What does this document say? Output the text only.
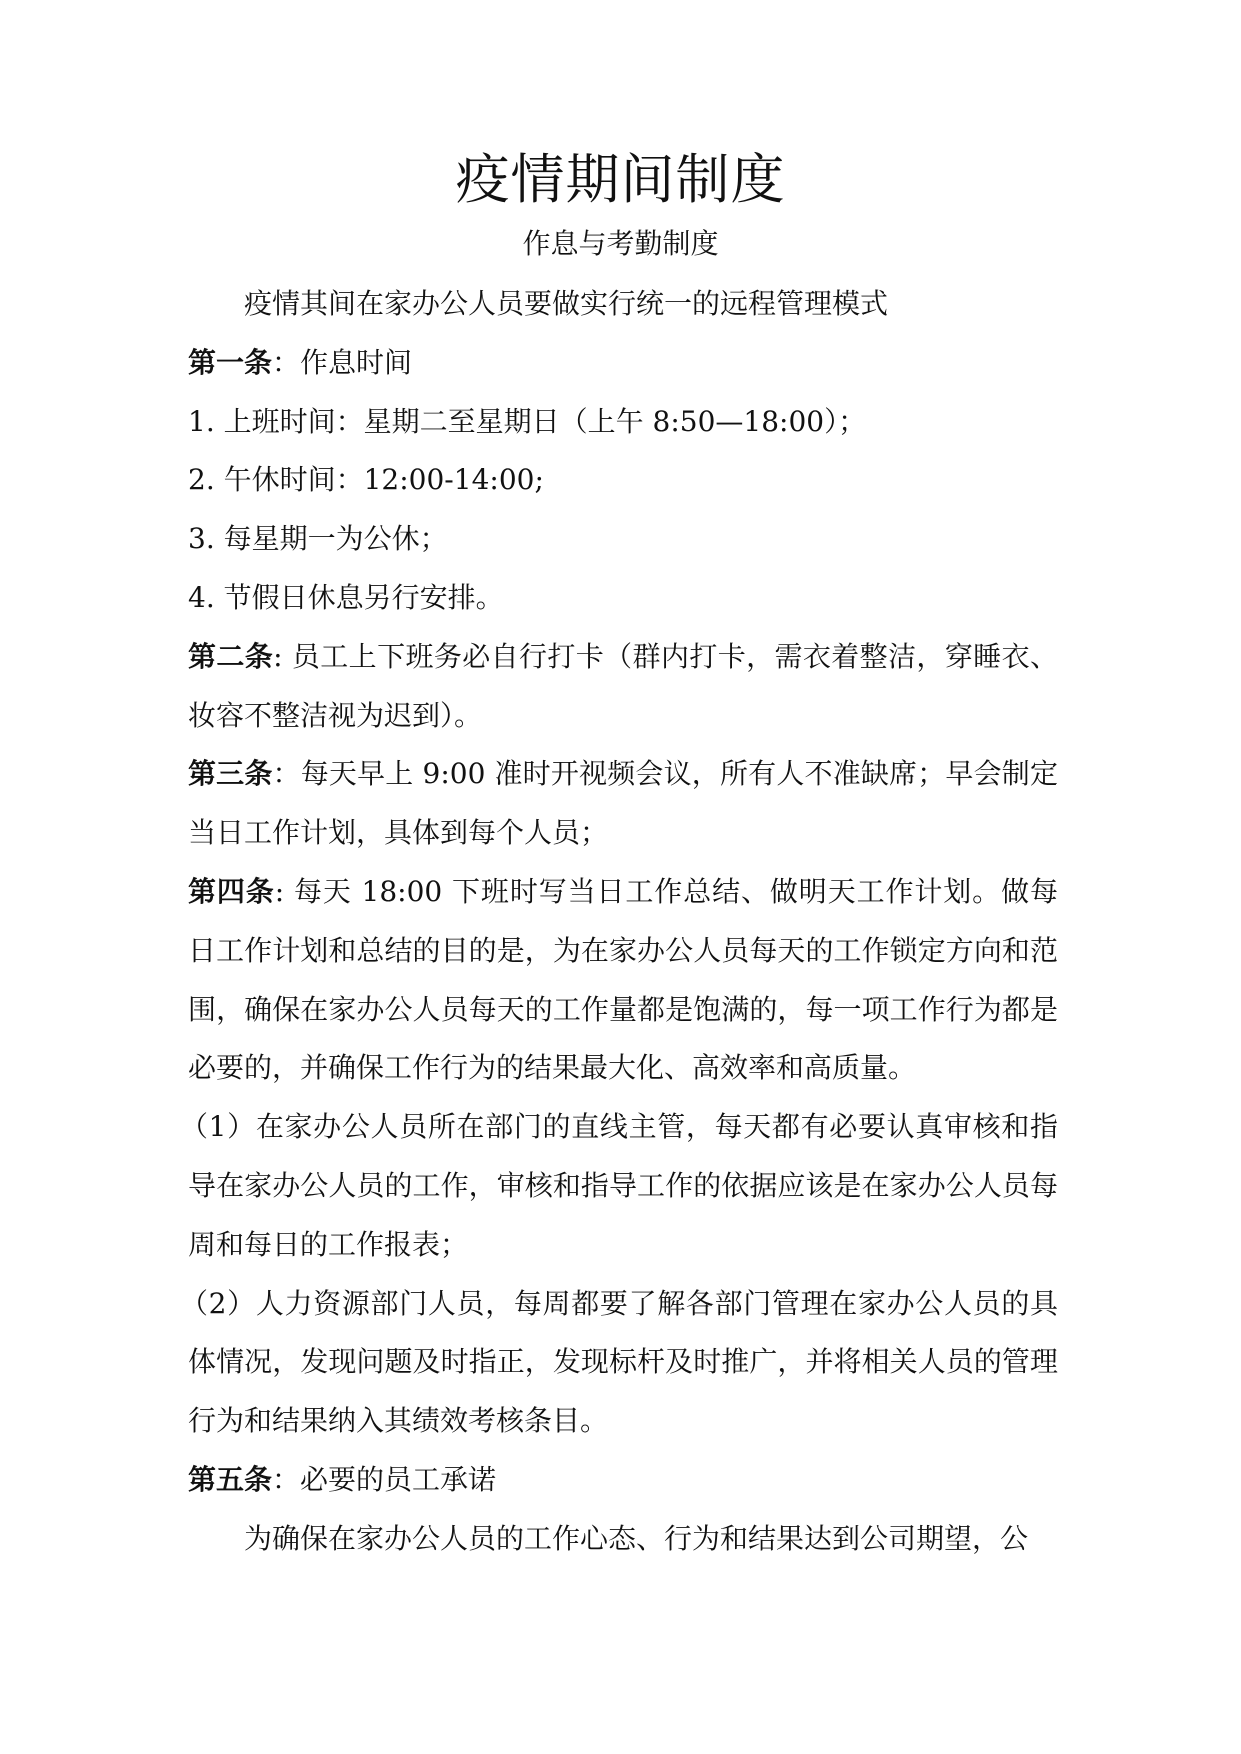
疫情期间制度
作息与考勤制度

疫情其间在家办公人员要做实行统一的远程管理模式

第一条：作息时间

1. 上班时间：星期二至星期日（上午 8:50—18:00）；

2. 午休时间：12:00-14:00;

3. 每星期一为公休；

4. 节假日休息另行安排。

第二条: 员工上下班务必自行打卡（群内打卡，需衣着整洁，穿睡衣、妆容不整洁视为迟到）。

第三条：每天早上 9:00 准时开视频会议，所有人不准缺席；早会制定当日工作计划，具体到每个人员；

第四条: 每天 18:00 下班时写当日工作总结、做明天工作计划。做每日工作计划和总结的目的是，为在家办公人员每天的工作锁定方向和范围，确保在家办公人员每天的工作量都是饱满的，每一项工作行为都是必要的，并确保工作行为的结果最大化、高效率和高质量。

（1）在家办公人员所在部门的直线主管，每天都有必要认真审核和指导在家办公人员的工作，审核和指导工作的依据应该是在家办公人员每周和每日的工作报表；

（2）人力资源部门人员，每周都要了解各部门管理在家办公人员的具体情况，发现问题及时指正，发现标杆及时推广，并将相关人员的管理行为和结果纳入其绩效考核条目。

第五条：必要的员工承诺

为确保在家办公人员的工作心态、行为和结果达到公司期望，公
